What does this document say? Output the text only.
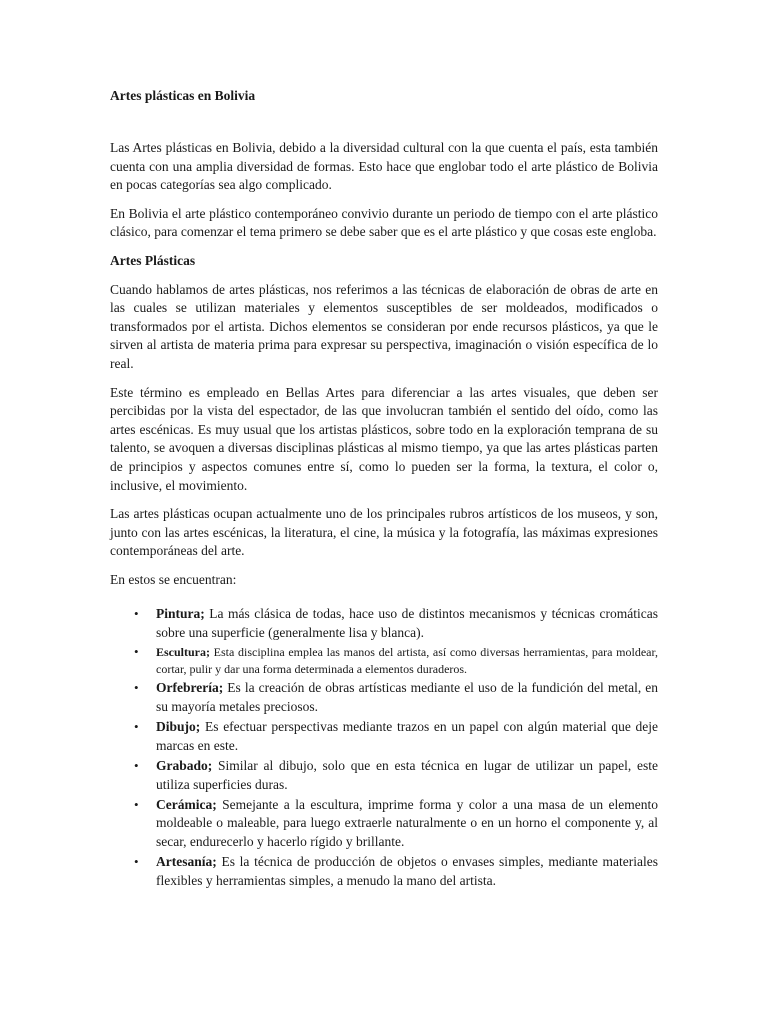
Artes plásticas en Bolivia

Las Artes plásticas en Bolivia, debido a la diversidad cultural con la que cuenta el país, esta también cuenta con una amplia diversidad de formas. Esto hace que englobar todo el arte plástico de Bolivia en pocas categorías sea algo complicado.

En Bolivia el arte plástico contemporáneo convivio durante un periodo de tiempo con el arte plástico clásico, para comenzar el tema primero se debe saber que es el arte plástico y que cosas este engloba.

Artes Plásticas

Cuando hablamos de artes plásticas, nos referimos a las técnicas de elaboración de obras de arte en las cuales se utilizan materiales y elementos susceptibles de ser moldeados, modificados o transformados por el artista. Dichos elementos se consideran por ende recursos plásticos, ya que le sirven al artista de materia prima para expresar su perspectiva, imaginación o visión específica de lo real.

Este término es empleado en Bellas Artes para diferenciar a las artes visuales, que deben ser percibidas por la vista del espectador, de las que involucran también el sentido del oído, como las artes escénicas. Es muy usual que los artistas plásticos, sobre todo en la exploración temprana de su talento, se avoquen a diversas disciplinas plásticas al mismo tiempo, ya que las artes plásticas parten de principios y aspectos comunes entre sí, como lo pueden ser la forma, la textura, el color o, inclusive, el movimiento.

Las artes plásticas ocupan actualmente uno de los principales rubros artísticos de los museos, y son, junto con las artes escénicas, la literatura, el cine, la música y la fotografía, las máximas expresiones contemporáneas del arte.

En estos se encuentran:

• Pintura; La más clásica de todas, hace uso de distintos mecanismos y técnicas cromáticas sobre una superficie (generalmente lisa y blanca).
• Escultura; Esta disciplina emplea las manos del artista, así como diversas herramientas, para moldear, cortar, pulir y dar una forma determinada a elementos duraderos.
• Orfebrería; Es la creación de obras artísticas mediante el uso de la fundición del metal, en su mayoría metales preciosos.
• Dibujo; Es efectuar perspectivas mediante trazos en un papel con algún material que deje marcas en este.
• Grabado; Similar al dibujo, solo que en esta técnica en lugar de utilizar un papel, este utiliza superficies duras.
• Cerámica; Semejante a la escultura, imprime forma y color a una masa de un elemento moldeable o maleable, para luego extraerle naturalmente o en un horno el componente y, al secar, endurecerlo y hacerlo rígido y brillante.
• Artesanía; Es la técnica de producción de objetos o envases simples, mediante materiales flexibles y herramientas simples, a menudo la mano del artista.
